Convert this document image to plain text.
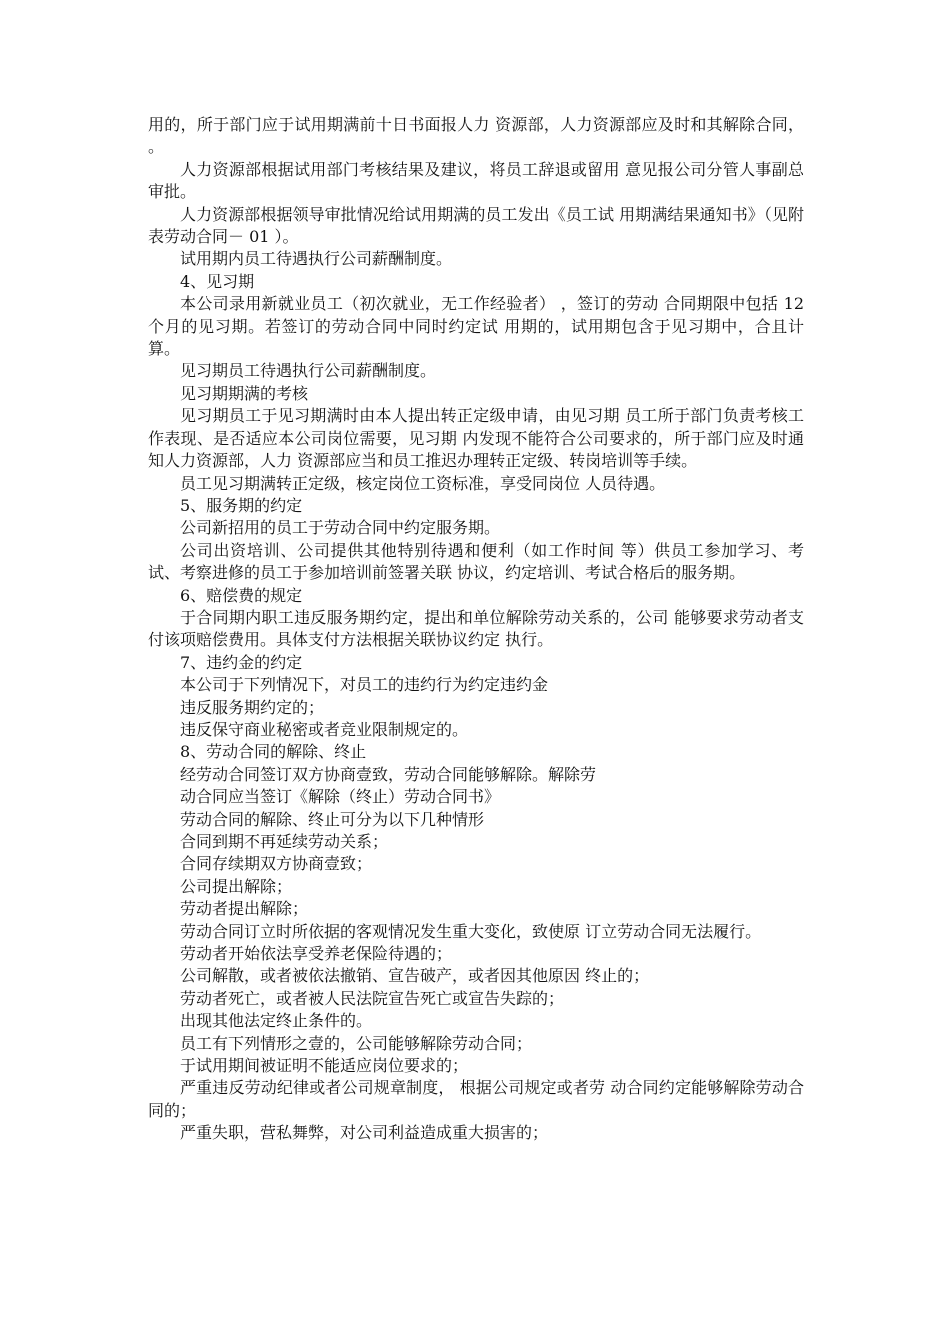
用的，所于部门应于试用期满前十日书面报人力 资源部，人力资源部应及时和其解除合同， 。

人力资源部根据试用部门考核结果及建议，将员工辞退或留用 意见报公司分管人事副总审批。

人力资源部根据领导审批情况给试用期满的员工发出《员工试 用期满结果通知书》（见附表劳动合同－ 01 ）。

试用期内员工待遇执行公司薪酬制度。

4、见习期

本公司录用新就业员工（初次就业，无工作经验者） ，签订的劳动 合同期限中包括 12 个月的见习期。若签订的劳动合同中同时约定试 用期的，试用期包含于见习期中，合且计算。

见习期员工待遇执行公司薪酬制度。

见习期期满的考核

见习期员工于见习期满时由本人提出转正定级申请，由见习期 员工所于部门负责考核工作表现、是否适应本公司岗位需要，见习期 内发现不能符合公司要求的，所于部门应及时通知人力资源部，人力 资源部应当和员工推迟办理转正定级、转岗培训等手续。

员工见习期满转正定级，核定岗位工资标准，享受同岗位 人员待遇。

5、服务期的约定

公司新招用的员工于劳动合同中约定服务期。

公司出资培训、公司提供其他特别待遇和便利（如工作时间 等）供员工参加学习、考试、考察进修的员工于参加培训前签署关联 协议，约定培训、考试合格后的服务期。

6、赔偿费的规定

于合同期内职工违反服务期约定，提出和单位解除劳动关系的，公司 能够要求劳动者支付该项赔偿费用。具体支付方法根据关联协议约定 执行。

7、违约金的约定

本公司于下列情况下，对员工的违约行为约定违约金

违反服务期约定的；

违反保守商业秘密或者竞业限制规定的。

8、劳动合同的解除、终止

经劳动合同签订双方协商壹致，劳动合同能够解除。解除劳

动合同应当签订《解除（终止）劳动合同书》

劳动合同的解除、终止可分为以下几种情形

合同到期不再延续劳动关系；

合同存续期双方协商壹致；

公司提出解除；

劳动者提出解除；

劳动合同订立时所依据的客观情况发生重大变化，致使原 订立劳动合同无法履行。

劳动者开始依法享受养老保险待遇的；

公司解散，或者被依法撤销、宣告破产，或者因其他原因 终止的；

劳动者死亡，或者被人民法院宣告死亡或宣告失踪的；

出现其他法定终止条件的。

员工有下列情形之壹的，公司能够解除劳动合同；

于试用期间被证明不能适应岗位要求的；

严重违反劳动纪律或者公司规章制度， 根据公司规定或者劳 动合同约定能够解除劳动合同的；

严重失职，营私舞弊，对公司利益造成重大损害的；
